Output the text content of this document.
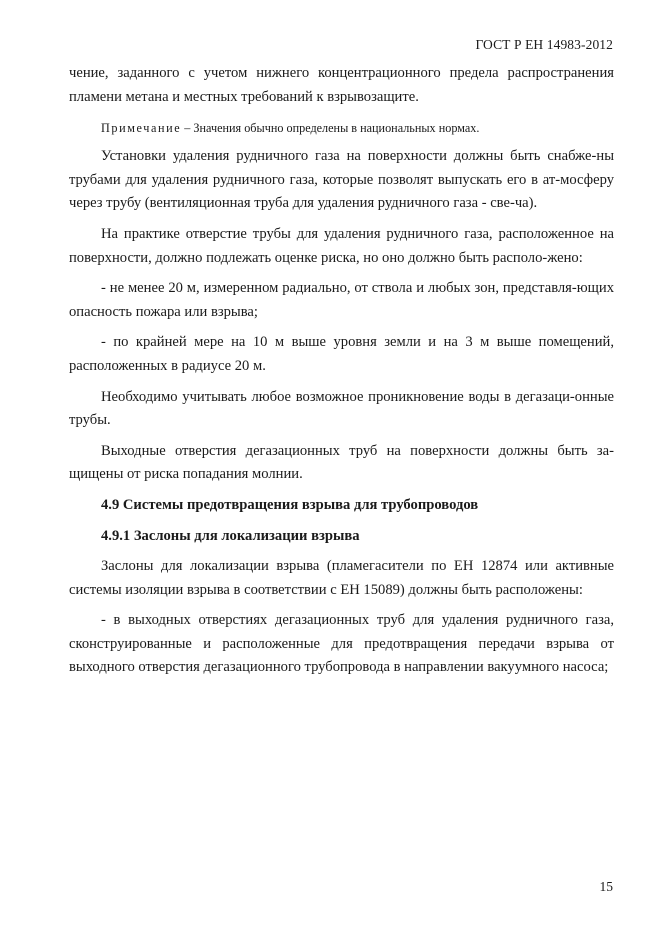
ГОСТ Р ЕН 14983-2012

чение, заданного с учетом нижнего концентрационного предела распространения пламени метана и местных требований к взрывозащите.

Примечание – Значения обычно определены в национальных нормах.

Установки удаления рудничного газа на поверхности должны быть снабже-ны трубами для удаления рудничного газа, которые позволят выпускать его в ат-мосферу через трубу (вентиляционная труба для удаления рудничного газа - све-ча).

На практике отверстие трубы для удаления рудничного газа, расположенное на поверхности, должно подлежать оценке риска, но оно должно быть располо-жено:

- не менее 20 м, измеренном радиально, от ствола и любых зон, представля-ющих опасность пожара или взрыва;

- по крайней мере на 10 м выше уровня земли и на 3 м выше помещений, расположенных в радиусе 20 м.

Необходимо учитывать любое возможное проникновение воды в дегазаци-онные трубы.

Выходные отверстия дегазационных труб на поверхности должны быть за-щищены от риска попадания молнии.

4.9 Системы предотвращения взрыва для трубопроводов

4.9.1 Заслоны для локализации взрыва

Заслоны для локализации взрыва (пламегасители по ЕН 12874 или активные системы изоляции взрыва в соответствии с ЕН 15089) должны быть расположены:

- в выходных отверстиях дегазационных труб для удаления рудничного газа, сконструированные и расположенные для предотвращения передачи взрыва от выходного отверстия дегазационного трубопровода в направлении вакуумного насоса;

15
